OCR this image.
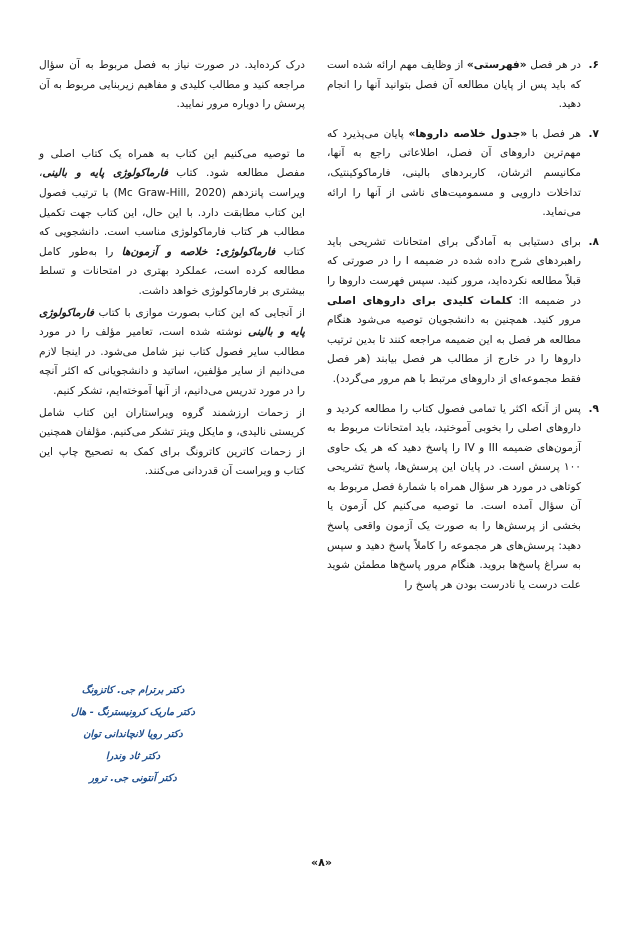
۶.

در هر فصل «فهرستی» از وظایف مهم ارائه شده است که باید پس از پایان مطالعه آن فصل بتوانید آنها را انجام دهید.

۷.

هر فصل با «جدول خلاصه داروها» پایان می‌پذیرد که مهم‌ترین داروهای آن فصل، اطلاعاتی راجع به آنها، مکانیسم اثرشان، کاربردهای بالینی، فارماکوکینتیک، تداخلات دارویی و مسمومیت‌های ناشی از آنها را ارائه می‌نماید.

۸.

برای دستیابی به آمادگی برای امتحانات تشریحی باید راهبردهای شرح داده شده در ضمیمه I را در صورتی که قبلاً مطالعه نکرده‌اید، مرور کنید. سپس فهرست داروها را در ضمیمه II: کلمات کلیدی برای داروهای اصلی مرور کنید. همچنین به دانشجویان توصیه می‌شود هنگام مطالعه هر فصل به این ضمیمه مراجعه کنند تا بدین ترتیب داروها را در خارج از مطالب هر فصل بیابند (هر فصل فقط مجموعه‌ای از داروهای مرتبط با هم مرور می‌گردد).

۹.

پس از آنکه اکثر یا تمامی فصول کتاب را مطالعه کردید و داروهای اصلی را بخوبی آموختید، باید امتحانات مربوط به آزمون‌های ضمیمه III و IV را پاسخ دهید که هر یک حاوی ۱۰۰ پرسش است. در پایان این پرسش‌ها، پاسخ تشریحی کوتاهی در مورد هر سؤال همراه با شمارهٔ فصل مربوط به آن سؤال آمده است. ما توصیه می‌کنیم کل آزمون یا بخشی از پرسش‌ها را به صورت یک آزمون واقعی پاسخ دهید: پرسش‌های هر مجموعه را کاملاً پاسخ دهید و سپس به سراغ پاسخ‌ها بروید. هنگام مرور پاسخ‌ها مطمئن شوید علت درست یا نادرست بودن هر پاسخ را

درک کرده‌اید. در صورت نیاز به فصل مربوط به آن سؤال مراجعه کنید و مطالب کلیدی و مفاهیم زیربنایی مربوط به آن پرسش را دوباره مرور نمایید.

ما توصیه می‌کنیم این کتاب به همراه یک کتاب اصلی و مفصل مطالعه شود. کتاب فارماکولوژی پایه و بالینی، ویراست پانزدهم (Mc Graw-Hill, 2020) با ترتیب فصول این کتاب مطابقت دارد. با این حال، این کتاب جهت تکمیل مطالب هر کتاب فارماکولوژی مناسب است. دانشجویی که کتاب فارماکولوژی: خلاصه و آزمون‌ها را به‌طور کامل مطالعه کرده است، عملکرد بهتری در امتحانات و تسلط بیشتری بر فارماکولوژی خواهد داشت.

از آنجایی که این کتاب بصورت موازی با کتاب فارماکولوژی پایه و بالینی نوشته شده است، تعامیر مؤلف را در مورد مطالب سایر فصول کتاب نیز شامل می‌شود. در اینجا لازم می‌دانیم از سایر مؤلفین، اساتید و دانشجویانی که اکثر آنچه را در مورد تدریس می‌دانیم، از آنها آموخته‌ایم، تشکر کنیم.

از زحمات ارزشمند گروه ویراستاران این کتاب شامل کریستی نالیدی، و مایکل ویتز تشکر می‌کنیم. مؤلفان همچنین از زحمات کاترین کاترونگ برای کمک به تصحیح چاپ این کتاب و ویراست آن قدردانی می‌کنند.

دکتر برترام جی. کاتزونگ
دکتر ماریک کرونیسترنگ - هال
دکتر رویا لانچاندانی توان
دکتر ثاد وندرا
دکتر آنتونی جی. ترور
«۸»
